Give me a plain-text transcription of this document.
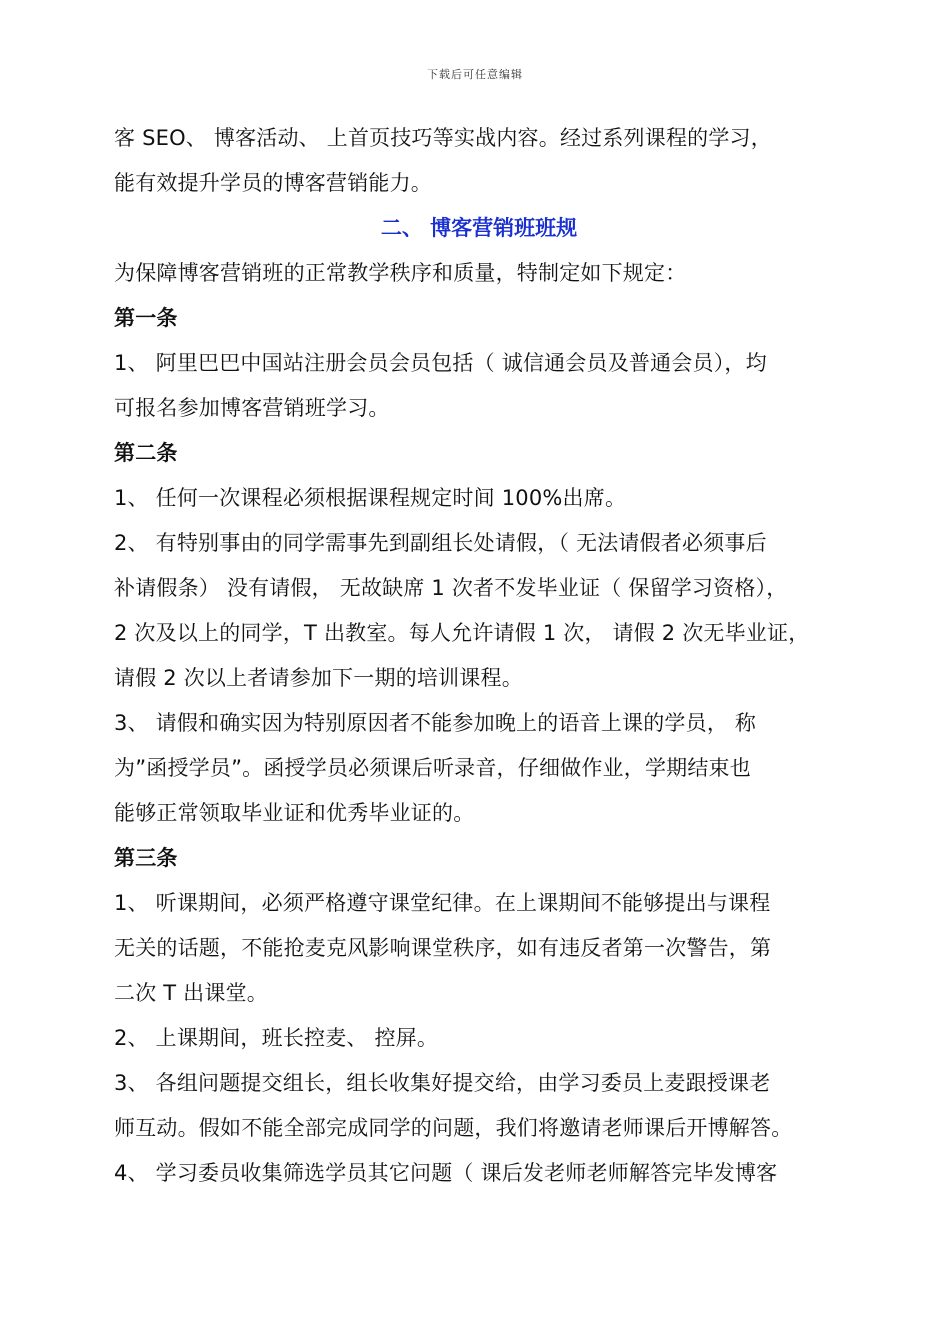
下载后可任意编辑
客 SEO、 博客活动、 上首页技巧等实战内容。经过系列课程的学习，
能有效提升学员的博客营销能力。
二、 博客营销班班规
为保障博客营销班的正常教学秩序和质量，特制定如下规定：
第一条
1、 阿里巴巴中国站注册会员会员包括（ 诚信通会员及普通会员），均
可报名参加博客营销班学习。
第二条
1、 任何一次课程必须根据课程规定时间 100%出席。
2、 有特别事由的同学需事先到副组长处请假，（ 无法请假者必须事后
补请假条） 没有请假， 无故缺席 1 次者不发毕业证（ 保留学习资格），
2 次及以上的同学，T 出教室。每人允许请假 1 次， 请假 2 次无毕业证，
请假 2 次以上者请参加下一期的培训课程。
3、 请假和确实因为特别原因者不能参加晚上的语音上课的学员， 称
为”函授学员”。函授学员必须课后听录音，仔细做作业，学期结束也
能够正常领取毕业证和优秀毕业证的。
第三条
1、 听课期间，必须严格遵守课堂纪律。在上课期间不能够提出与课程
无关的话题，不能抢麦克风影响课堂秩序，如有违反者第一次警告，第
二次 T 出课堂。
2、 上课期间，班长控麦、 控屏。
3、 各组问题提交组长，组长收集好提交给，由学习委员上麦跟授课老
师互动。假如不能全部完成同学的问题，我们将邀请老师课后开博解答。
4、 学习委员收集筛选学员其它问题（ 课后发老师老师解答完毕发博客
